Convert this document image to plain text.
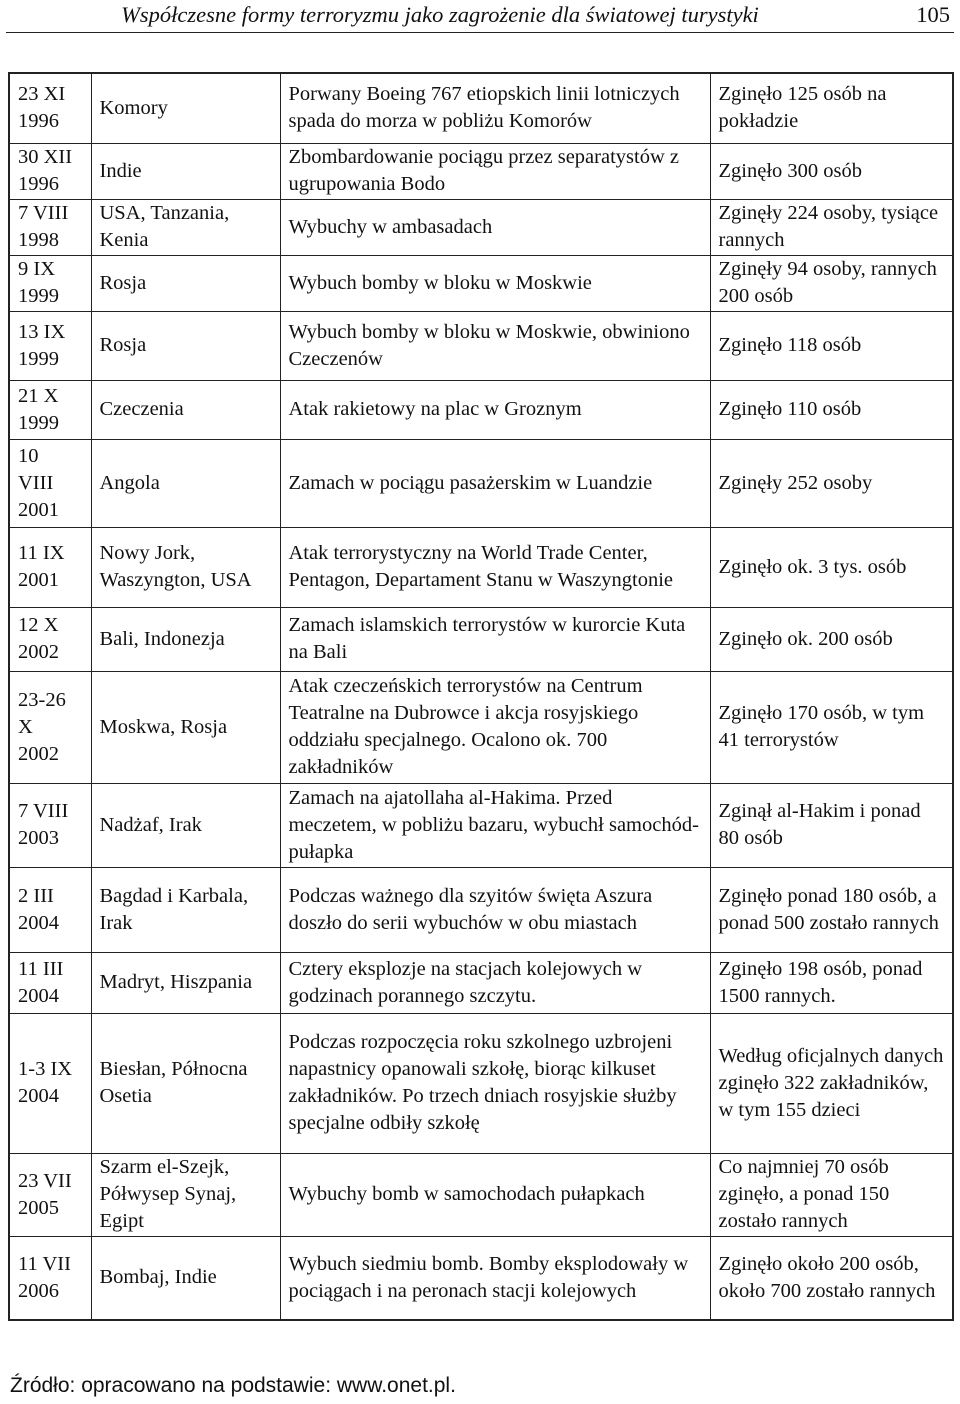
Współczesne formy terroryzmu jako zagrożenie dla światowej turystyki	105
23 XI
1996	Komory	Porwany Boeing 767 etiopskich linii lotniczych spada do morza w pobliżu Komorów	Zginęło 125 osób na pokładzie

30 XII
1996	Indie	Zbombardowanie pociągu przez separatystów z ugrupowania Bodo	Zginęło 300 osób

7 VIII
1998	USA, Tanzania, Kenia	Wybuchy w ambasadach	Zginęły 224 osoby, tysiące rannych

9 IX
1999	Rosja	Wybuch bomby w bloku w Moskwie	Zginęły 94 osoby, rannych 200 osób

13 IX
1999	Rosja	Wybuch bomby w bloku w Moskwie, obwiniono Czeczenów	Zginęło 118 osób

21 X
1999	Czeczenia	Atak rakietowy na plac w Groznym	Zginęło 110 osób

10
VIII
2001	Angola	Zamach w pociągu pasażerskim w Luandzie	Zginęły 252 osoby

11 IX
2001	Nowy Jork, Waszyngton, USA	Atak terrorystyczny na World Trade Center, Pentagon, Departament Stanu w Waszyngtonie	Zginęło ok. 3 tys. osób

12 X
2002	Bali, Indonezja	Zamach islamskich terrorystów w kurorcie Kuta na Bali	Zginęło ok. 200 osób

23-26
X
2002	Moskwa, Rosja	Atak czeczeńskich terrorystów na Centrum Teatralne na Dubrowce i akcja rosyjskiego oddziału specjalnego. Ocalono ok. 700 zakładników	Zginęło 170 osób, w tym 41 terrorystów

7 VIII
2003	Nadżaf, Irak	Zamach na ajatollaha al-Hakima. Przed meczetem, w pobliżu bazaru, wybuchł samochód-pułapka	Zginął al-Hakim i ponad 80 osób

2 III
2004	Bagdad i Karbala, Irak	Podczas ważnego dla szyitów święta Aszura doszło do serii wybuchów w obu miastach	Zginęło ponad 180 osób, a ponad 500 zostało rannych

11 III
2004	Madryt, Hiszpania	Cztery eksplozje na stacjach kolejowych w godzinach porannego szczytu.	Zginęło 198 osób, ponad 1500 rannych.

1-3 IX
2004	Biesłan, Północna Osetia	Podczas rozpoczęcia roku szkolnego uzbrojeni napastnicy opanowali szkołę, biorąc kilkuset zakładników. Po trzech dniach rosyjskie służby specjalne odbiły szkołę	Według oficjalnych danych zginęło 322 zakładników, w tym 155 dzieci

23 VII
2005	Szarm el-Szejk, Półwysep Synaj, Egipt	Wybuchy bomb w samochodach pułapkach	Co najmniej 70 osób zginęło, a ponad 150 zostało rannych

11 VII
2006	Bombaj, Indie	Wybuch siedmiu bomb. Bomby eksplodowały w pociągach i na peronach stacji kolejowych	Zginęło około 200 osób, około 700 zostało rannych
Źródło: opracowano na podstawie: www.onet.pl.
